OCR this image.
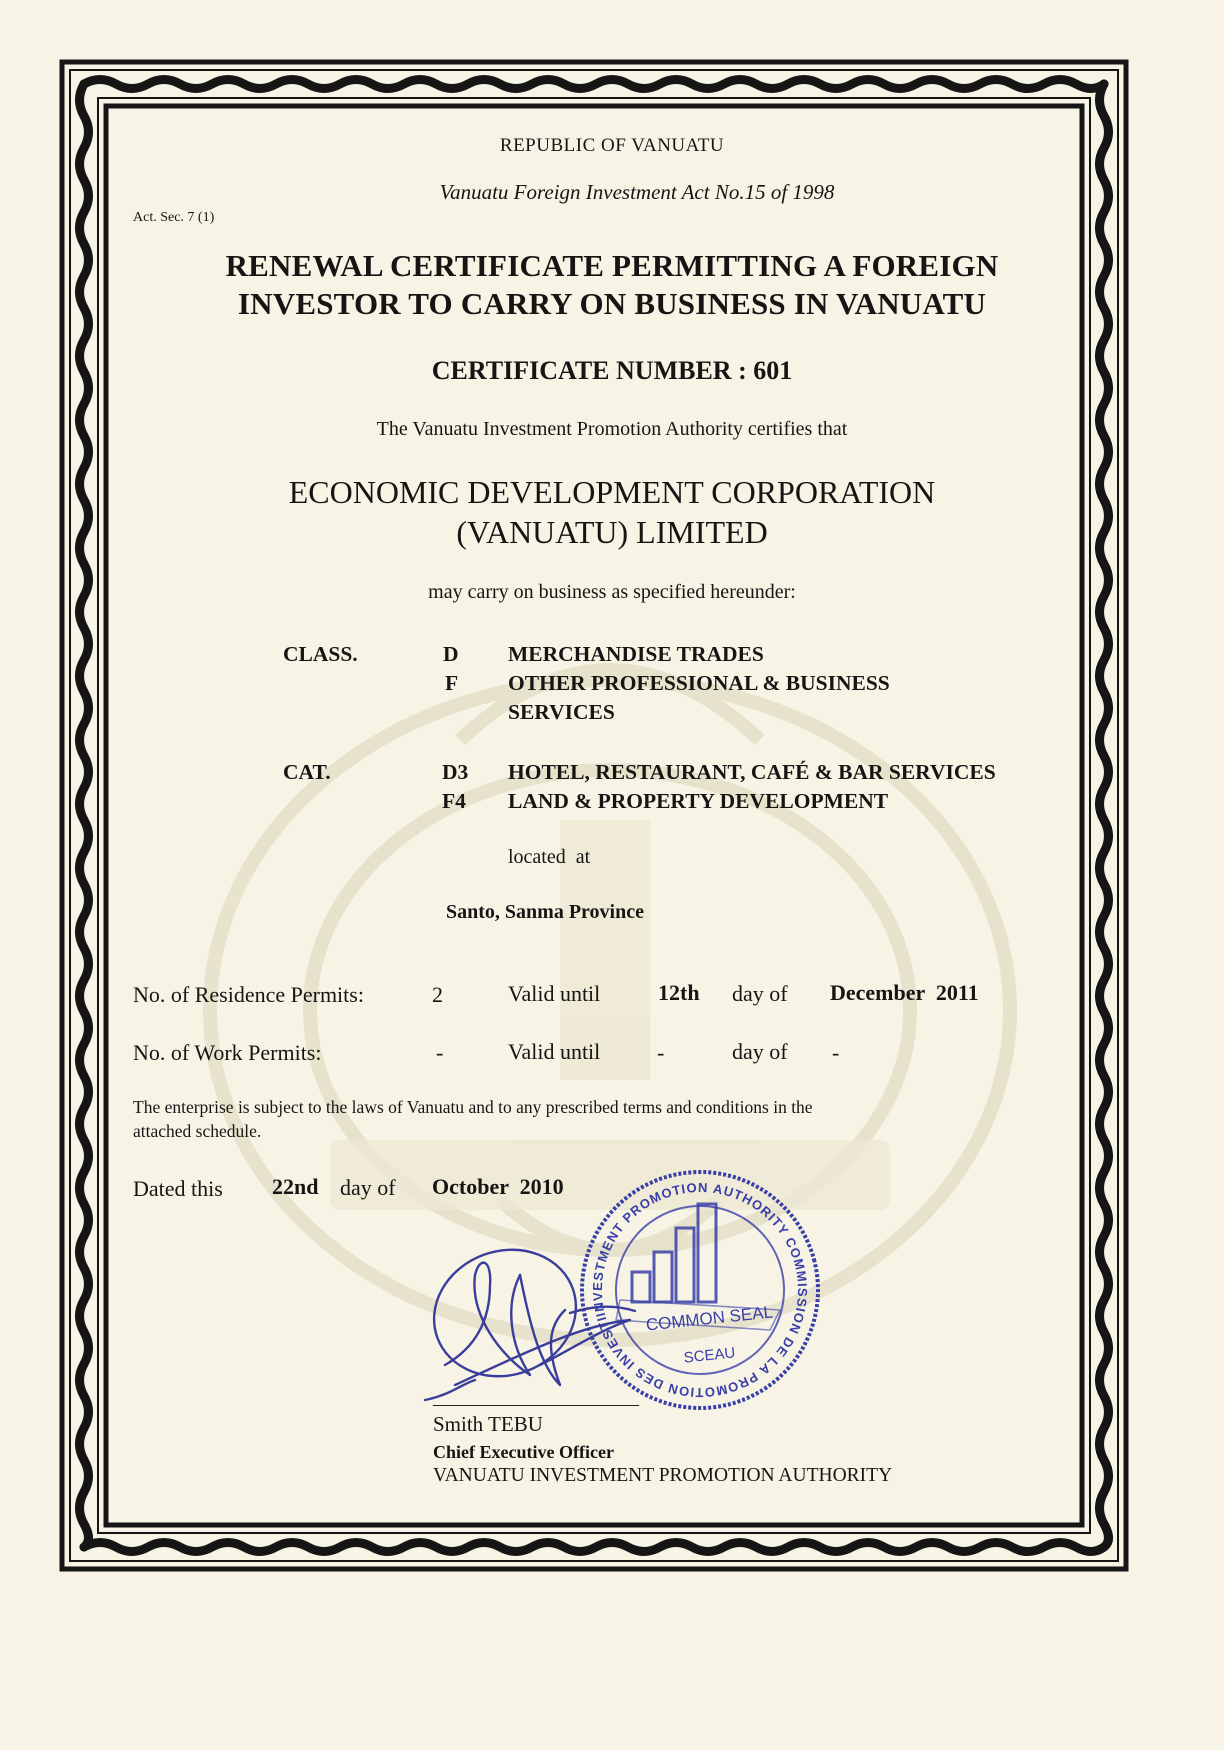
REPUBLIC OF VANUATU
Vanuatu Foreign Investment Act No.15 of 1998
Act. Sec. 7 (1)
RENEWAL CERTIFICATE PERMITTING A FOREIGN
INVESTOR TO CARRY ON BUSINESS IN VANUATU
CERTIFICATE NUMBER : 601
The Vanuatu Investment Promotion Authority certifies that
ECONOMIC DEVELOPMENT CORPORATION
(VANUATU) LIMITED
may carry on business as specified hereunder:
CLASS.	D MERCHANDISE TRADES
F OTHER PROFESSIONAL & BUSINESS
SERVICES
CAT.	D3 HOTEL, RESTAURANT, CAFÉ & BAR SERVICES
F4 LAND & PROPERTY DEVELOPMENT
located  at
Santo, Sanma Province
No. of Residence Permits:	2	Valid until	12th day of December  2011
No. of Work Permits:	-	Valid until	-	day of -
The enterprise is subject to the laws of Vanuatu and to any prescribed terms and conditions in the
attached schedule.
Dated this 22nd day of October  2010
INVESTMENT PROMOTION AUTHORITY COMMISSION DE LA PROMOTION DES INVESTISSEMENTS
COMMON SEAL
SCEAU
Smith TEBU
Chief Executive Officer
VANUATU INVESTMENT PROMOTION AUTHORITY
